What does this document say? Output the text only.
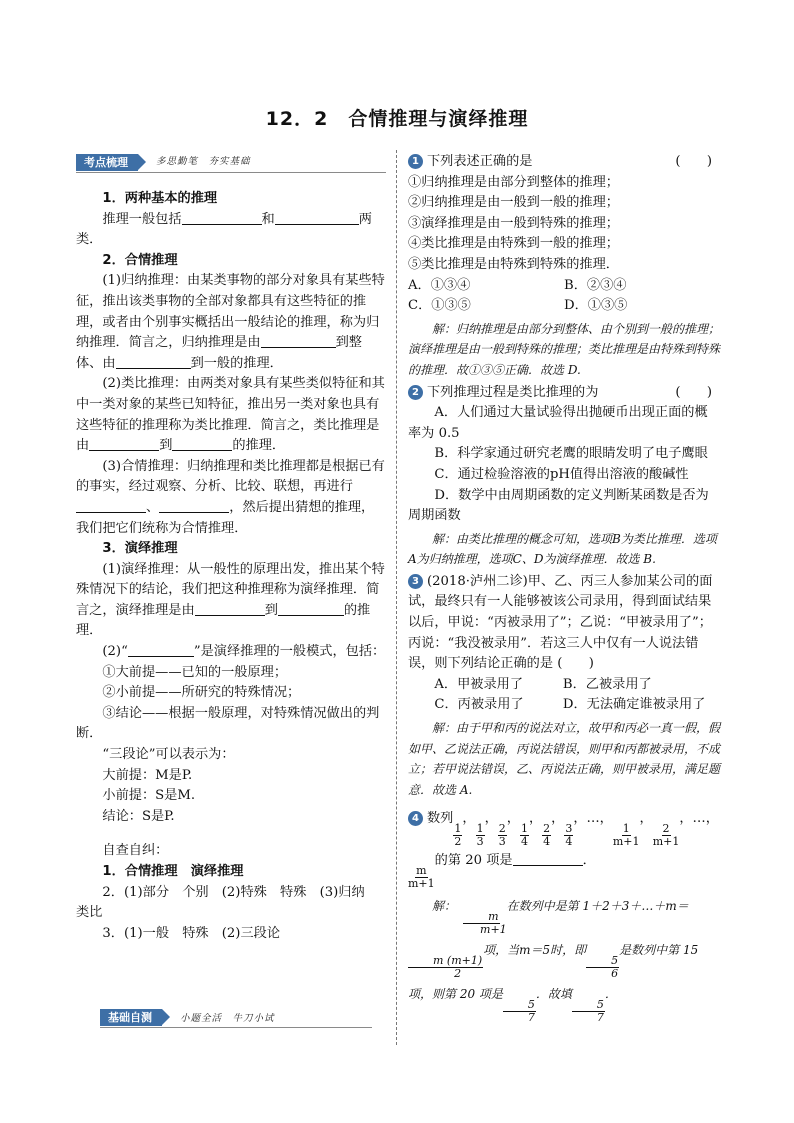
12．2　合情推理与演绎推理
考点梳理	多思勤笔　夯实基础

1．两种基本的推理

推理一般包括	和	两

类．

2．合情推理

(1)归纳推理：由某类事物的部分对象具有某些特征，推出该类事物的全部对象都具有这些特征的推理，或者由个别事实概括出一般结论的推理，称为归纳推理．简言之，归纳推理是由	到整体、由	到一般的推理．

(2)类比推理：由两类对象具有某些类似特征和其中一类对象的某些已知特征，推出另一类对象也具有这些特征的推理称为类比推理．简言之，类比推理是由	到	的推理．

(3)合情推理：归纳推理和类比推理都是根据已有的事实，经过观察、分析、比较、联想，再进行、	，然后提出猜想的推理，我们把它们统称为合情推理．

3．演绎推理

(1)演绎推理：从一般性的原理出发，推出某个特殊情况下的结论，我们把这种推理称为演绎推理．简言之，演绎推理是由	到	的推理．

(2)“	”是演绎推理的一般模式，包括：

①大前提——已知的一般原理；

②小前提——所研究的特殊情况；

③结论——根据一般原理，对特殊情况做出的判断．

“三段论”可以表示为：

大前提：M是P.

小前提：S是M.

结论：S是P.

自查自纠：

1．合情推理　演绎推理

2．(1)部分　个别　(2)特殊　特殊　(3)归纳　类比

3．(1)一般　特殊　(2)三段论

基础自测	小题全活　牛刀小试

1 下列表述正确的是	(　　)

①归纳推理是由部分到整体的推理；

②归纳推理是由一般到一般的推理；

③演绎推理是由一般到特殊的推理；

④类比推理是由特殊到一般的推理；

⑤类比推理是由特殊到特殊的推理．

A．①③④	B．②③④
C．①③⑤	D．①③⑤

解：归纳推理是由部分到整体、由个别到一般的推理；演绎推理是由一般到特殊的推理；类比推理是由特殊到特殊的推理．故①③⑤正确．故选 D.

2 下列推理过程是类比推理的为	(　　)

A．人们通过大量试验得出抛硬币出现正面的概率为 0.5

B．科学家通过研究老鹰的眼睛发明了电子鹰眼

C．通过检验溶液的pH值得出溶液的酸碱性

D．数学中由周期函数的定义判断某函数是否为周期函数

解：由类比推理的概念可知，选项B为类比推理．选项A为归纳推理，选项C、D为演绎推理．故选 B.

3 (2018·泸州二诊)甲、乙、丙三人参加某公司的面试，最终只有一人能够被该公司录用，得到面试结果以后，甲说：“丙被录用了”；乙说：“甲被录用了”；丙说：“我没被录用”．若这三人中仅有一人说法错误，则下列结论正确的是 (　　)

A．甲被录用了	B．乙被录用了
C．丙被录用了	D．无法确定谁被录用了

解：由于甲和丙的说法对立，故甲和丙必一真一假，假如甲、乙说法正确，丙说法错误，则甲和丙都被录用，不成立；若甲说法错误，乙、丙说法正确，则甲被录用，满足题意．故选 A.

4 数列
$\frac{1}{2}$
，
$\frac{1}{3}$
，
$\frac{2}{3}$
，
$\frac{1}{4}$
，
$\frac{2}{4}$
，
$\frac{3}{4}$
，…，
$\frac{1}{m+1}$
，
$\frac{2}{m+1}$
，…，

$\frac{m}{m+1}$
的第 20 项是	．

解：
$\frac{m}{m+1}$
在数列中是第 1＋2＋3＋…＋m＝
$\frac{m (m+1)}{2}$
项，当m＝5时，即
$\frac{5}{6}$
是数列中第 15 项，则第 20 项是
$\frac{5}{7}$
．故填
$\frac{5}{7}$
．
